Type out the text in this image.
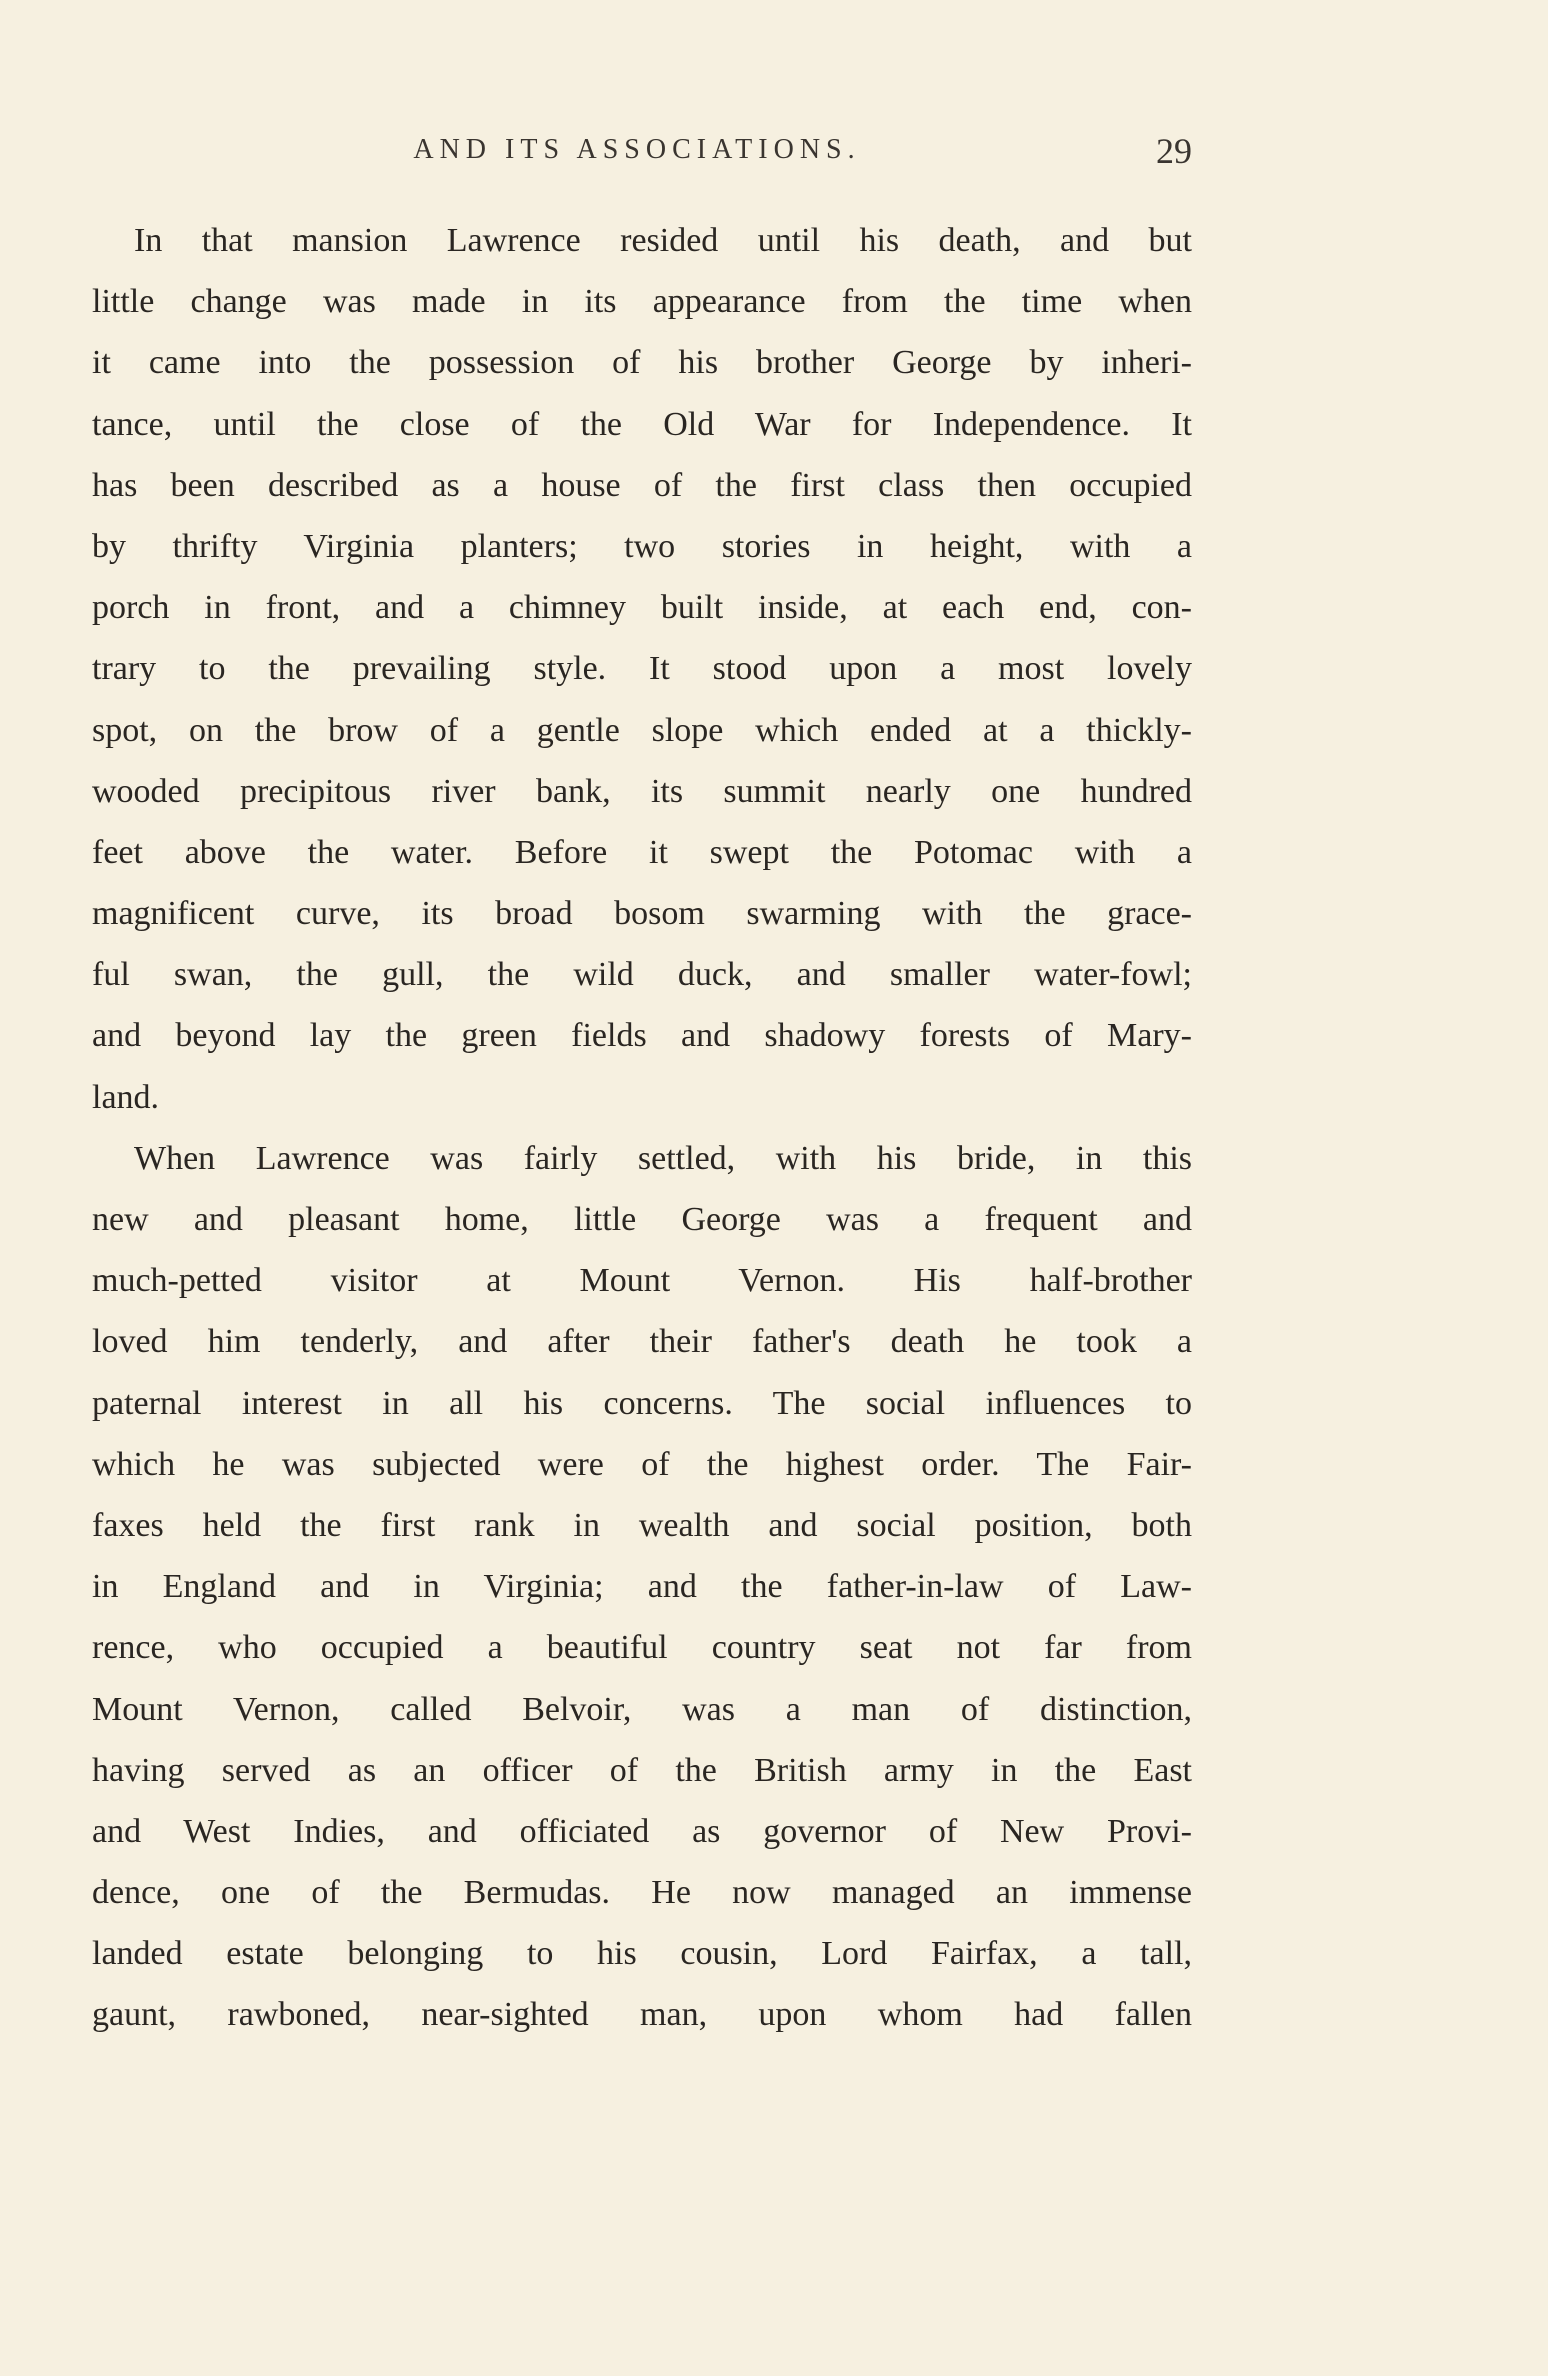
AND ITS ASSOCIATIONS.	29
In that mansion Lawrence resided until his death, and but
little change was made in its appearance from the time when
it came into the possession of his brother George by inheri-
tance, until the close of the Old War for Independence. It
has been described as a house of the first class then occupied
by thrifty Virginia planters; two stories in height, with a
porch in front, and a chimney built inside, at each end, con-
trary to the prevailing style. It stood upon a most lovely
spot, on the brow of a gentle slope which ended at a thickly-
wooded precipitous river bank, its summit nearly one hundred
feet above the water. Before it swept the Potomac with a
magnificent curve, its broad bosom swarming with the grace-
ful swan, the gull, the wild duck, and smaller water-fowl;
and beyond lay the green fields and shadowy forests of Mary-
land.
When Lawrence was fairly settled, with his bride, in this
new and pleasant home, little George was a frequent and
much-petted visitor at Mount Vernon. His half-brother
loved him tenderly, and after their father's death he took a
paternal interest in all his concerns. The social influences to
which he was subjected were of the highest order. The Fair-
faxes held the first rank in wealth and social position, both
in England and in Virginia; and the father-in-law of Law-
rence, who occupied a beautiful country seat not far from
Mount Vernon, called Belvoir, was a man of distinction,
having served as an officer of the British army in the East
and West Indies, and officiated as governor of New Provi-
dence, one of the Bermudas. He now managed an immense
landed estate belonging to his cousin, Lord Fairfax, a tall,
gaunt, rawboned, near-sighted man, upon whom had fallen
